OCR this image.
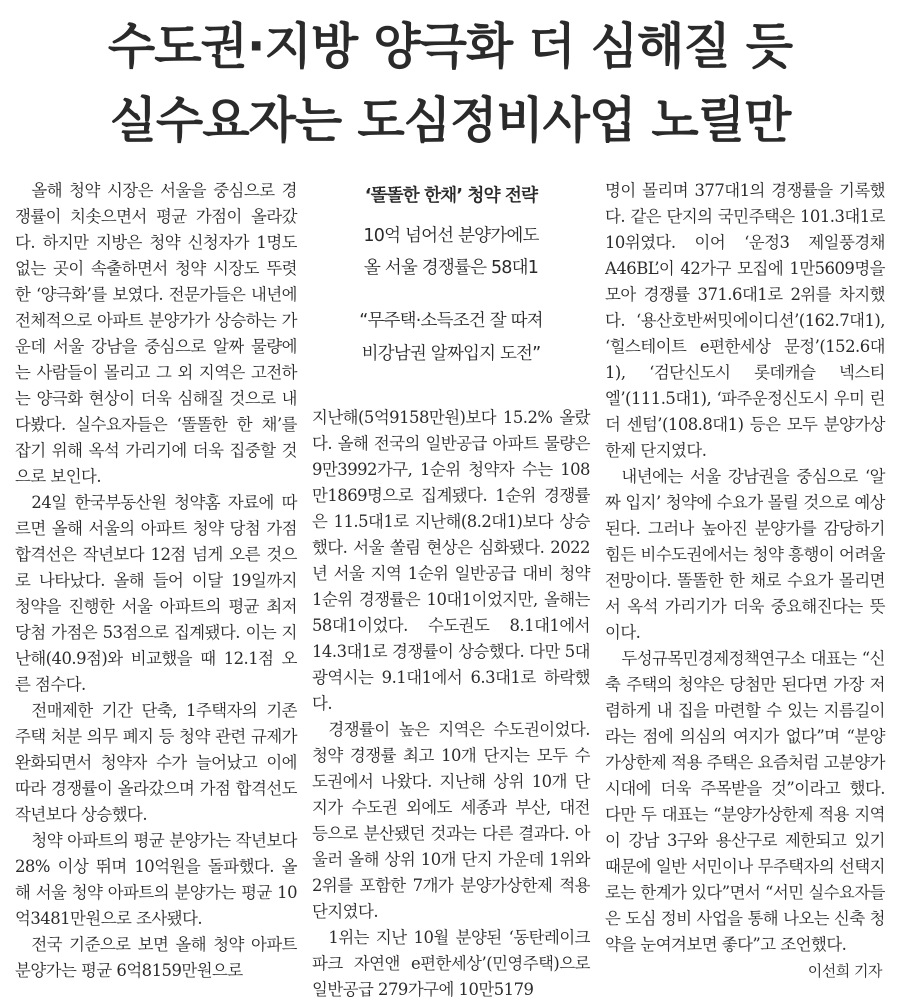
수도권·지방 양극화 더 심해질 듯
실수요자는 도심정비사업 노릴만

올해 청약 시장은 서울을 중심으로 경쟁률이 치솟으면서 평균 가점이 올라갔다. 하지만 지방은 청약 신청자가 1명도 없는 곳이 속출하면서 청약 시장도 뚜렷한 ‘양극화’를 보였다. 전문가들은 내년에 전체적으로 아파트 분양가가 상승하는 가운데 서울 강남을 중심으로 알짜 물량에는 사람들이 몰리고 그 외 지역은 고전하는 양극화 현상이 더욱 심해질 것으로 내다봤다. 실수요자들은 ‘똘똘한 한 채’를 잡기 위해 옥석 가리기에 더욱 집중할 것으로 보인다.

24일 한국부동산원 청약홈 자료에 따르면 올해 서울의 아파트 청약 당첨 가점 합격선은 작년보다 12점 넘게 오른 것으로 나타났다. 올해 들어 이달 19일까지 청약을 진행한 서울 아파트의 평균 최저 당첨 가점은 53점으로 집계됐다. 이는 지난해(40.9점)와 비교했을 때 12.1점 오른 점수다.

전매제한 기간 단축, 1주택자의 기존 주택 처분 의무 폐지 등 청약 관련 규제가 완화되면서 청약자 수가 늘어났고 이에 따라 경쟁률이 올라갔으며 가점 합격선도 작년보다 상승했다.

청약 아파트의 평균 분양가는 작년보다 28% 이상 뛰며 10억원을 돌파했다. 올해 서울 청약 아파트의 분양가는 평균 10억3481만원으로 조사됐다.

전국 기준으로 보면 올해 청약 아파트 분양가는 평균 6억8159만원으로

‘똘똘한 한채’ 청약 전략
10억 넘어선 분양가에도
올 서울 경쟁률은 58대1
“무주택·소득조건 잘 따져
비강남권 알짜입지 도전”

지난해(5억9158만원)보다 15.2% 올랐다. 올해 전국의 일반공급 아파트 물량은 9만3992가구, 1순위 청약자 수는 108만1869명으로 집계됐다. 1순위 경쟁률은 11.5대1로 지난해(8.2대1)보다 상승했다. 서울 쏠림 현상은 심화됐다. 2022년 서울 지역 1순위 일반공급 대비 청약 1순위 경쟁률은 10대1이었지만, 올해는 58대1이었다. 수도권도 8.1대1에서 14.3대1로 경쟁률이 상승했다. 다만 5대 광역시는 9.1대1에서 6.3대1로 하락했다.

경쟁률이 높은 지역은 수도권이었다. 청약 경쟁률 최고 10개 단지는 모두 수도권에서 나왔다. 지난해 상위 10개 단지가 수도권 외에도 세종과 부산, 대전 등으로 분산됐던 것과는 다른 결과다. 아울러 올해 상위 10개 단지 가운데 1위와 2위를 포함한 7개가 분양가상한제 적용 단지였다.

1위는 지난 10월 분양된 ‘동탄레이크파크 자연앤 e편한세상’(민영주택)으로 일반공급 279가구에 10만5179

명이 몰리며 377대1의 경쟁률을 기록했다. 같은 단지의 국민주택은 101.3대1로 10위였다. 이어 ‘운정3 제일풍경채 A46BL’이 42가구 모집에 1만5609명을 모아 경쟁률 371.6대1로 2위를 차지했다. ‘용산호반써밋에이디션’(162.7대1), ‘힐스테이트 e편한세상 문정’(152.6대1), ‘검단신도시 롯데캐슬 넥스티엘’(111.5대1), ‘파주운정신도시 우미 린 더 센텀’(108.8대1) 등은 모두 분양가상한제 단지였다.

내년에는 서울 강남권을 중심으로 ‘알짜 입지’ 청약에 수요가 몰릴 것으로 예상된다. 그러나 높아진 분양가를 감당하기 힘든 비수도권에서는 청약 흥행이 어려울 전망이다. 똘똘한 한 채로 수요가 몰리면서 옥석 가리기가 더욱 중요해진다는 뜻이다.

두성규목민경제정책연구소 대표는 “신축 주택의 청약은 당첨만 된다면 가장 저렴하게 내 집을 마련할 수 있는 지름길이라는 점에 의심의 여지가 없다”며 “분양가상한제 적용 주택은 요즘처럼 고분양가 시대에 더욱 주목받을 것”이라고 했다. 다만 두 대표는 “분양가상한제 적용 지역이 강남 3구와 용산구로 제한되고 있기 때문에 일반 서민이나 무주택자의 선택지로는 한계가 있다”면서 “서민 실수요자들은 도심 정비 사업을 통해 나오는 신축 청약을 눈여겨보면 좋다”고 조언했다.

이선희 기자
